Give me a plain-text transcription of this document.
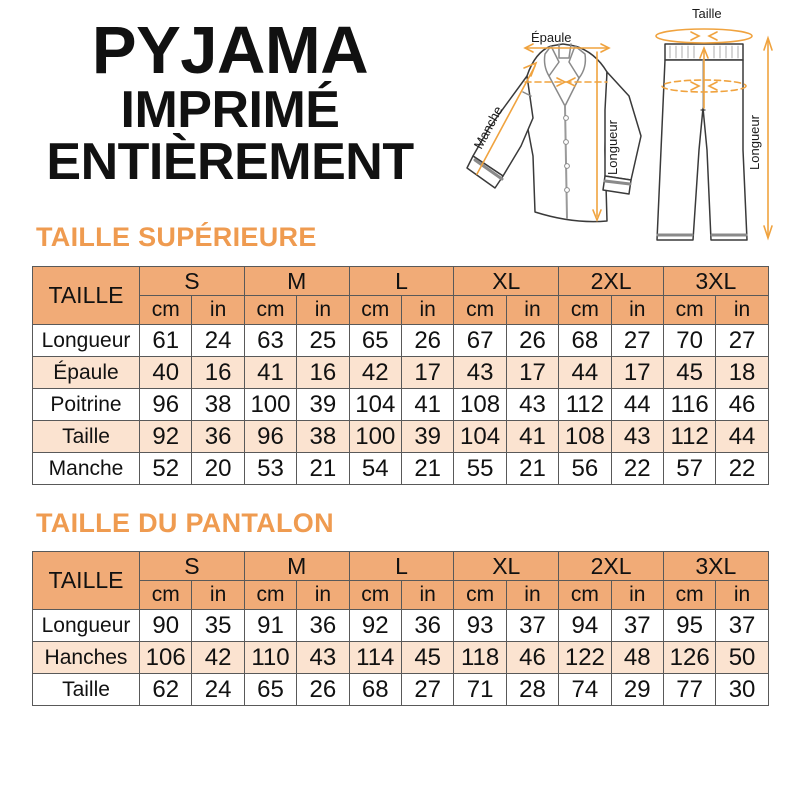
PYJAMA
IMPRIMÉ
ENTIÈREMENT
Épaule
Manche	Longueur
Taille
Longueur
TAILLE SUPÉRIEURE
TAILLE	S		M		L		XL		2XL		3XL	
	cm	in	cm	in	cm	in	cm	in	cm	in	cm	in
Longueur	61	24	63	25	65	26	67	26	68	27	70	27
Épaule	40	16	41	16	42	17	43	17	44	17	45	18
Poitrine	96	38	100	39	104	41	108	43	112	44	116	46
Taille	92	36	96	38	100	39	104	41	108	43	112	44
Manche	52	20	53	21	54	21	55	21	56	22	57	22
TAILLE DU PANTALON
TAILLE	S		M		L		XL		2XL		3XL	
	cm	in	cm	in	cm	in	cm	in	cm	in	cm	in
Longueur	90	35	91	36	92	36	93	37	94	37	95	37
Hanches	106	42	110	43	114	45	118	46	122	48	126	50
Taille	62	24	65	26	68	27	71	28	74	29	77	30
